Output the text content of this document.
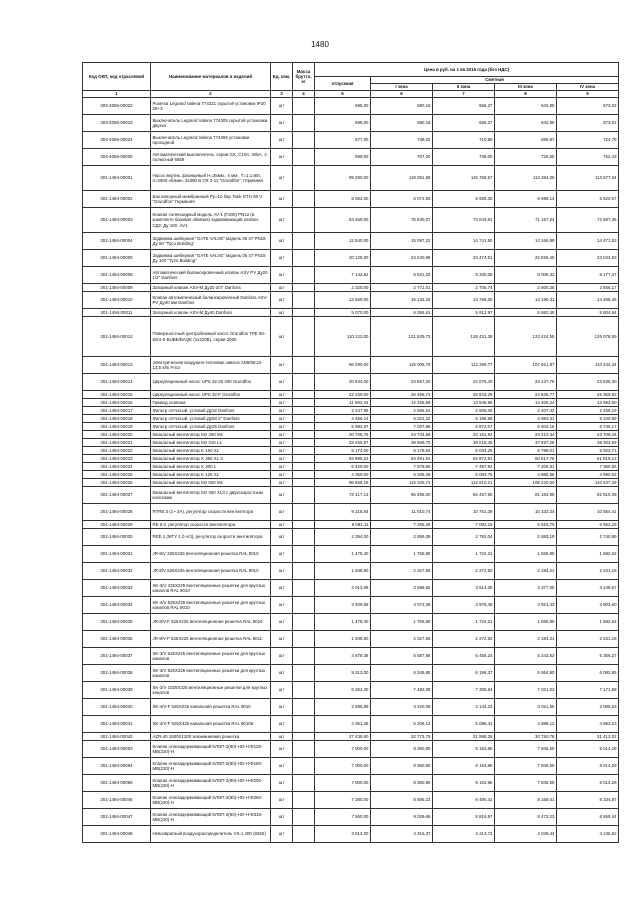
1480
Код ОКП, код отраслевой	Наименование материалов и изделий	Ед. изм.	Масса брутто, кг	Цена в руб. на 1 кв 2016 года (без НДС)				
				отпускная	Сметная			
					I зона	II зона	III зона	IV зона
1	2	3	4	5	6	7	8	9
303-4055-00022	Розетка Legrand Valena 774321 скрытой установки IP20 2К+3	шт		595,00	690,16	656,27	642,99	673,02
303-4055-00023	Выключатель Legrand Valena 774305 скрытой установки двухкл.	шт		696,00	690,16	656,27	642,99	673,02
303-4055-00024	Выключатель Legrand Valena 774306 установки проходной	шт		577,00	738,02	710,89	699,87	724,79
303-4055-00025	Автоматический выключатель, серии GX, C10A, 25kA, 1-полюсный 6658	шт		599,00	767,20	736,00	726,55	752,43
301-1494-00001	Насос вертик. фланцевый H=35мм., 4 мм., T=1,1 кВт, n=2900 об/мин, 3x380 В CR 3-11 "Grundfos", Германия	шт		99 290,00	118 591,59	115 758,57	113 284,06	113 677,04
301-1494-00002	Бак напорный мембранный Ру=10 бар Tank GTH 60 V "Grundfos" Германия	шт		5 064,00	6 072,83	5 929,30	5 698,14	5 620,67
301-1494-00003	Клапан соленоидный модель AV-1 (F200) PN12 (в комплекте базовая обвязка) задвижвающий клапан. СДУ. Ду 100. AV1	шт		63 469,00	75 830,07	74 043,91	71 157,24	72 587,36
301-1494-00004	Задвижка шиберная "GATE VALVE" модель 05 47 PN16 Ду 50 "Tyco Building"	шт		12 540,00	15 097,22	14 741,50	14 166,89	14 471,53
301-1494-00005	Задвижка шиберная "GATE VALVE" модель 05 47 PN16 Ду 100 "Tyco Building"	шт		20 128,00	24 040,89	23 474,51	22 559,49	23 044,53
301-1494-00008	Автоматический балансировочный клапан ASV PV Ду20 1/2" Danfoss	шт		7 142,52	8 531,03	8 330,08	8 005,32	8 177,47
301-1494-00009	Запорный клапан ASV-M Ду20 3/4" Danfoss	шт		2 320,00	2 771,01	2 705,74	2 600,25	2 656,17
301-1494-00010	Клапан автоматический балансировочный Danfoss ASV-PV Ду40 мм Danfoss	шт		12 669,00	15 132,18	14 765,00	14 190,31	14 495,45
301-1494-00011	Запорный клапан ASV-M Ду40 Danfoss	шт		5 070,00	6 055,61	5 912,97	5 682,45	5 804,64
301-1494-00012	Поверхностный центробежный насос Grundfos TPE 50-60/4-S BUBE/BAQE (1x220В), серии 2000	шт		110 122,00	131 529,73	128 431,38	123 424,55	126 078,59
301-1494-00013	Электрическая воздушно-тепловая завеса AD8/6E14-13,5 sfm Frico	шт		96 290,00	115 008,79	112 299,77	107 921,87	110 242,34
301-1494-00014	Циркуляционный насос UPS 32-25 200 Grundfos	шт		20 644,00	24 657,20	24 076,40	23 137,76	23 635,30
301-1494-00015	Циркуляционный насос UPS 32-F Grundfos	шт		22 159,00	26 466,71	25 843,29	24 835,77	25 369,82
301-1494-00016	Привод клапана	шт		11 962,44	14 255,59	13 948,96	13 405,24	13 693,50
301-1494-00017	Фильтр сетчатый, угловой Ду32 Danfoss	шт		2 147,95	2 565,51	2 505,05	2 407,42	2 459,19
301-1494-00018	Фильтр сетчатый, угловой Ду50 2" Danfoss	шт		4 456,14	5 322,22	5 185,68	4 993,31	5 100,69
301-1494-00019	Фильтр сетчатый, угловой Ду25 Danfoss	шт		5 892,37	7 037,85	6 872,07	6 604,16	6 746,17
301-1494-00020	Канальный вентилятор KD 250 M1	шт		20 706,76	24 734,58	24 151,93	23 210,34	23 709,44
301-1494-00021	Канальный вентилятор KD 315 L1	шт		33 455,87	39 959,70	39 018,45	37 497,28	38 303,59
301-1494-00022	Канальный вентилятор K 160 XL	шт		5 174,00	6 178,63	6 034,26	5 799,01	5 923,71
301-1494-00023	Канальный вентилятор K 355 XL 3	шт		53 995,23	64 491,91	62 972,81	60 517,76	61 819,12
301-1494-00024	Канальный вентилятор K 200 L	шт		6 429,00	7 678,80	7 497,93	7 205,61	7 360,56
301-1494-00025	Канальный вентилятор K 125 XL	шт		4 359,00	5 206,39	5 083,75	4 885,56	4 990,62
301-1494-00026	Канальный вентилятор KD 500 M1	шт		96 556,18	115 326,71	112 610,21	108 220,00	110 547,29
301-1494-00027	Канальный вентилятор KD 400 XL3 с двухскоростным колесами	шт		72 417,13	86 495,00	84 457,65	81 164,99	82 910,39
301-1494-00028	RTRE 3 (1~ 3A), регулятор скорости вентилятора	шт		9 218,64	11 010,74	10 751,39	10 332,24	10 554,41
301-1494-00029	RE 5.0, регулятор скорости вентилятора	шт		6 081,11	7 265,29	7 092,15	6 815,70	6 962,28
301-1494-00030	REE 1 (MTY 1.0 A/J), регулятор скорости вентилятора	шт		2 394,00	2 859,39	2 792,04	2 683,19	2 740,89
301-1494-00031	JR-8/V 325X225 вентиляционная решетка RAL 9010	шт		1 478,40	1 765,80	1 724,21	1 656,99	1 692,62
301-1494-00032	JR-8/V 525X225 вентиляционная решетка RAL 9010	шт		1 948,80	2 327,65	2 272,82	2 184,21	2 231,18
301-1494-00033	SK-3/V 425X225 вентиляционные решетки для круглых каналов RAL 9010	шт		3 013,08	3 598,82	3 514,05	3 377,05	3 449,67
301-1494-00034	SK-4/V 525X225 вентиляционные решетки для круглых каналов RAL 9010	шт		3 409,58	4 072,39	3 976,45	3 821,43	3 903,60
301-1494-00035	JR-8/V-F 325X225 вентиляционная решетка RAL 9010	шт		1 478,40	1 765,80	1 724,21	1 656,99	1 692,62
301-1494-00036	JR-8/V-F 525X225 вентиляционная решетка RAL 9011	шт		1 948,80	2 327,65	2 272,82	2 184,21	2 231,18
301-1494-00037	SK-3/V 625X225 вентиляционные решетки для круглых каналов	шт		4 678,38	5 587,86	5 456,24	5 243,52	5 356,27
301-1494-00038	SK-3/V 825X325 вентиляционные решетки для круглых каналов	шт		5 313,00	6 345,85	6 196,37	5 954,80	6 082,85
301-1494-00039	SK-3/V 1025X325 вентиляционные решетки для круглых каналов	шт		6 264,30	7 482,08	7 305,84	7 021,02	7 171,99
301-1494-00040	SK-4/V-F 525X225 канальная решетка RAL 9010	шт		2 695,99	3 220,08	3 144,23	3 021,65	3 086,63
301-1494-00041	SK-4/V-F 525X325 канальная решетка RAL 9010в	шт		4 361,28	5 209,12	5 086,41	4 888,12	4 993,23
301-1494-00042	AZR-40 1500X1200 алюминиевая решетка	шт		27 439,50	32 773,76	31 998,29	30 750,78	31 412,02
301-1494-00063	Клапан огнезадерживающий КЛОП-2(90)-НО-Н-Ф125-МВ(220)-Н	шт		7 000,00	8 360,80	8 163,86	7 845,59	8 014,29
301-1494-00064	Клапан огнезадерживающий КЛОП-2(90)-НО-Н-Ф160-МВ(220)-Н	шт		7 000,00	8 360,80	8 163,86	7 845,59	8 014,29
301-1494-00065	Клапан огнезадерживающий КЛОП-2(90)-НО-Н-Ф200-МВ(220)-Н	шт		7 000,00	8 360,80	8 163,86	7 845,59	8 014,29
301-1494-00046	Клапан огнезадерживающий КЛОП-2(90)-НО-Н-Ф250-МВ(220)-Н	шт		7 280,00	8 695,23	8 490,42	8 159,41	8 334,87
301-1494-00047	Клапан огнезадерживающий КЛОП-2(90)-НО-Н-Ф315-МВ(220)-Н	шт		7 560,00	9 029,66	8 816,97	8 473,23	8 655,44
301-1494-00048	Невозвратный воздухораспределитель VS-1 400 (8250)	шт		3 613,00	4 315,37	4 213,72	4 049,44	4 136,52
